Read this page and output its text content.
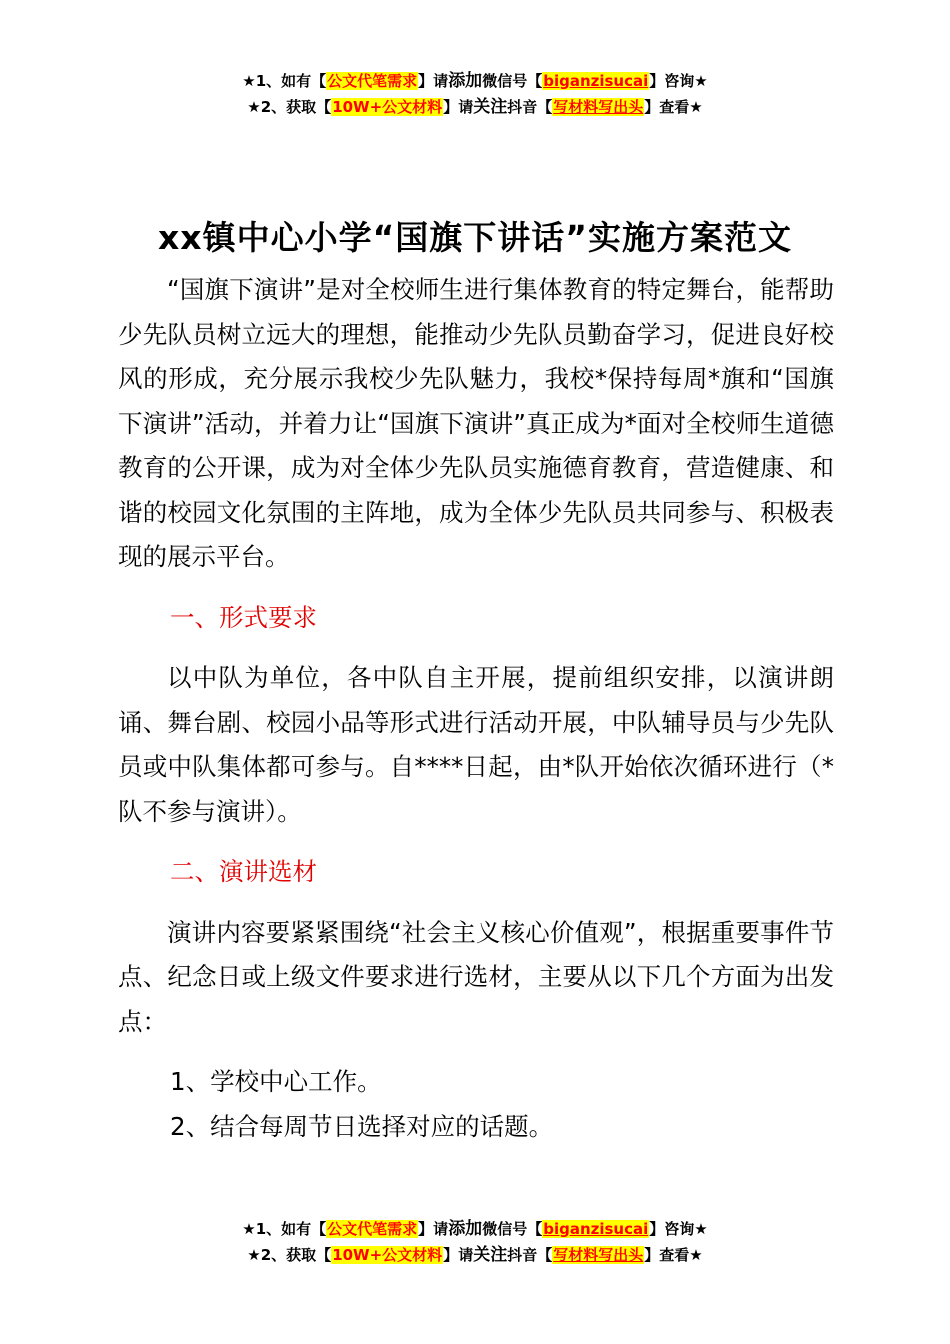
★1、如有【公文代笔需求】请添加微信号【biganzisucai】咨询★
★2、获取【10W+公文材料】请关注抖音【写材料写出头】查看★
xx镇中心小学“国旗下讲话”实施方案范文

“国旗下演讲”是对全校师生进行集体教育的特定舞台，能帮助少先队员树立远大的理想，能推动少先队员勤奋学习，促进良好校风的形成，充分展示我校少先队魅力，我校*保持每周*旗和“国旗下演讲”活动，并着力让“国旗下演讲”真正成为*面对全校师生道德教育的公开课，成为对全体少先队员实施德育教育，营造健康、和谐的校园文化氛围的主阵地，成为全体少先队员共同参与、积极表现的展示平台。

一、形式要求

以中队为单位，各中队自主开展，提前组织安排，以演讲朗诵、舞台剧、校园小品等形式进行活动开展，中队辅导员与少先队员或中队集体都可参与。自****日起，由*队开始依次循环进行（*队不参与演讲）。

二、演讲选材

演讲内容要紧紧围绕“社会主义核心价值观”，根据重要事件节点、纪念日或上级文件要求进行选材，主要从以下几个方面为出发点：

1、学校中心工作。

2、结合每周节日选择对应的话题。

★1、如有【公文代笔需求】请添加微信号【biganzisucai】咨询★
★2、获取【10W+公文材料】请关注抖音【写材料写出头】查看★
